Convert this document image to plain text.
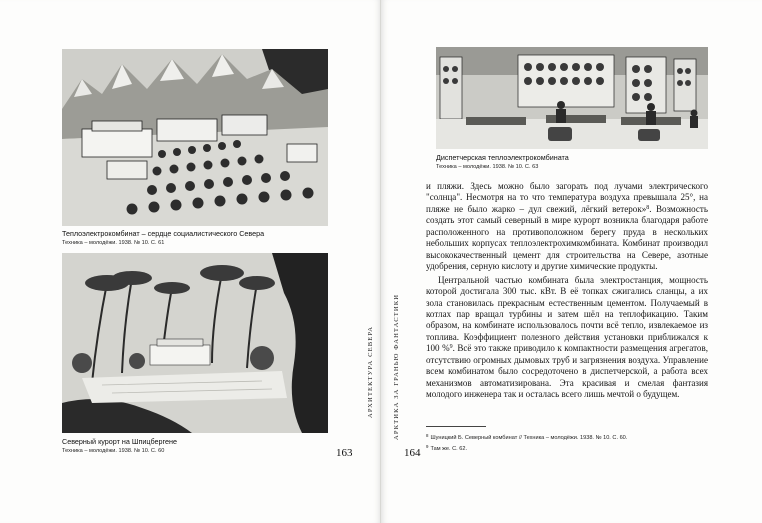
Теплоэлектрокомбинат – сердце социалистического Севера
Техника – молодёжи. 1938. № 10. С. 61
Северный курорт на Шпицбергене
Техника – молодёжи. 1938. № 10. С. 60
АРХИТЕКТУРА СЕВЕРА
163
Диспетчерская теплоэлектрокомбината
Техника – молодёжи. 1938. № 10. С. 63

и пляжи. Здесь можно было загорать под лучами электрического "солнца". Несмотря на то что температура воздуха превышала 25°, на пляже не было жарко – дул свежий, лёгкий ветерок»$^8$. Возможность создать этот самый северный в мире курорт возникла благодаря работе расположенного на противоположном берегу пруда в нескольких небольших корпусах теплоэлектрохимкомбината. Комбинат производил высококачественный цемент для строительства на Севере, азотные удобрения, серную кислоту и другие химические продукты.

Центральной частью комбината была электростанция, мощность которой достигала 300 тыс. кВт. В её топках сжигались сланцы, а их зола становилась прекрасным естественным цементом. Получаемый в котлах пар вращал турбины и затем шёл на теплофикацию. Таким образом, на комбинате использовалось почти всё тепло, извлекаемое из топлива. Коэффициент полезного действия установки приближался к 100 %$^9$. Всё это также приводило к компактности размещения агрегатов, отсутствию огромных дымовых труб и загрязнения воздуха. Управление всем комбинатом было сосредоточено в диспетчерской, а работа всех механизмов автоматизирована. Эта красивая и смелая фантазия молодого инженера так и осталась всего лишь мечтой о будущем.

$^8$ Шуницкий Б. Северный комбинат // Техника – молодёжи. 1938. № 10. С. 60.
$^9$ Там же. С. 62.
АРКТИКА ЗА ГРАНЬЮ ФАНТАСТИКИ
164
